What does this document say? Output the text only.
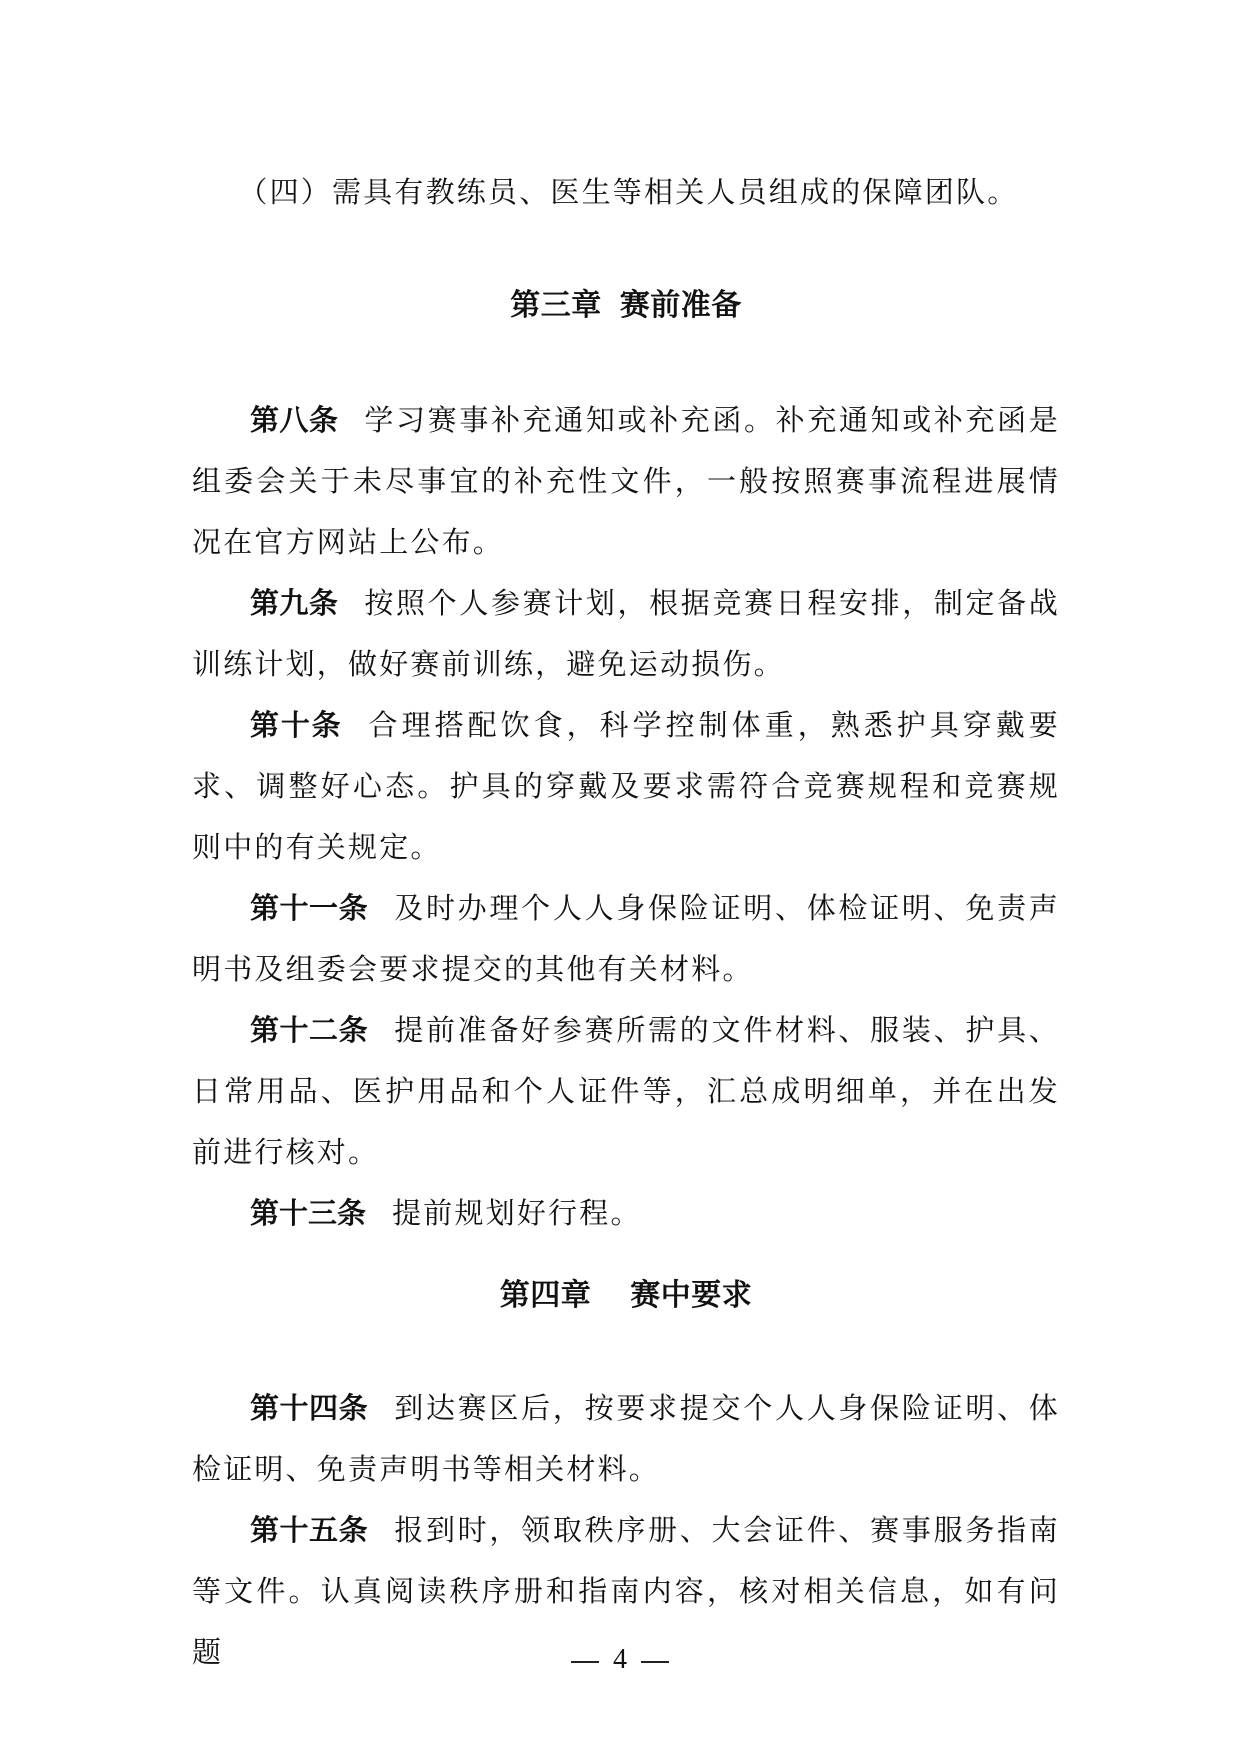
（四）需具有教练员、医生等相关人员组成的保障团队。

第三章 赛前准备

第八条 学习赛事补充通知或补充函。补充通知或补充函是组委会关于未尽事宜的补充性文件，一般按照赛事流程进展情况在官方网站上公布。

第九条 按照个人参赛计划，根据竞赛日程安排，制定备战训练计划，做好赛前训练，避免运动损伤。

第十条 合理搭配饮食，科学控制体重，熟悉护具穿戴要求、调整好心态。护具的穿戴及要求需符合竞赛规程和竞赛规则中的有关规定。

第十一条 及时办理个人人身保险证明、体检证明、免责声明书及组委会要求提交的其他有关材料。

第十二条 提前准备好参赛所需的文件材料、服装、护具、日常用品、医护用品和个人证件等，汇总成明细单，并在出发前进行核对。

第十三条 提前规划好行程。

第四章 赛中要求

第十四条 到达赛区后，按要求提交个人人身保险证明、体检证明、免责声明书等相关材料。

第十五条 报到时，领取秩序册、大会证件、赛事服务指南等文件。认真阅读秩序册和指南内容，核对相关信息，如有问题	4
